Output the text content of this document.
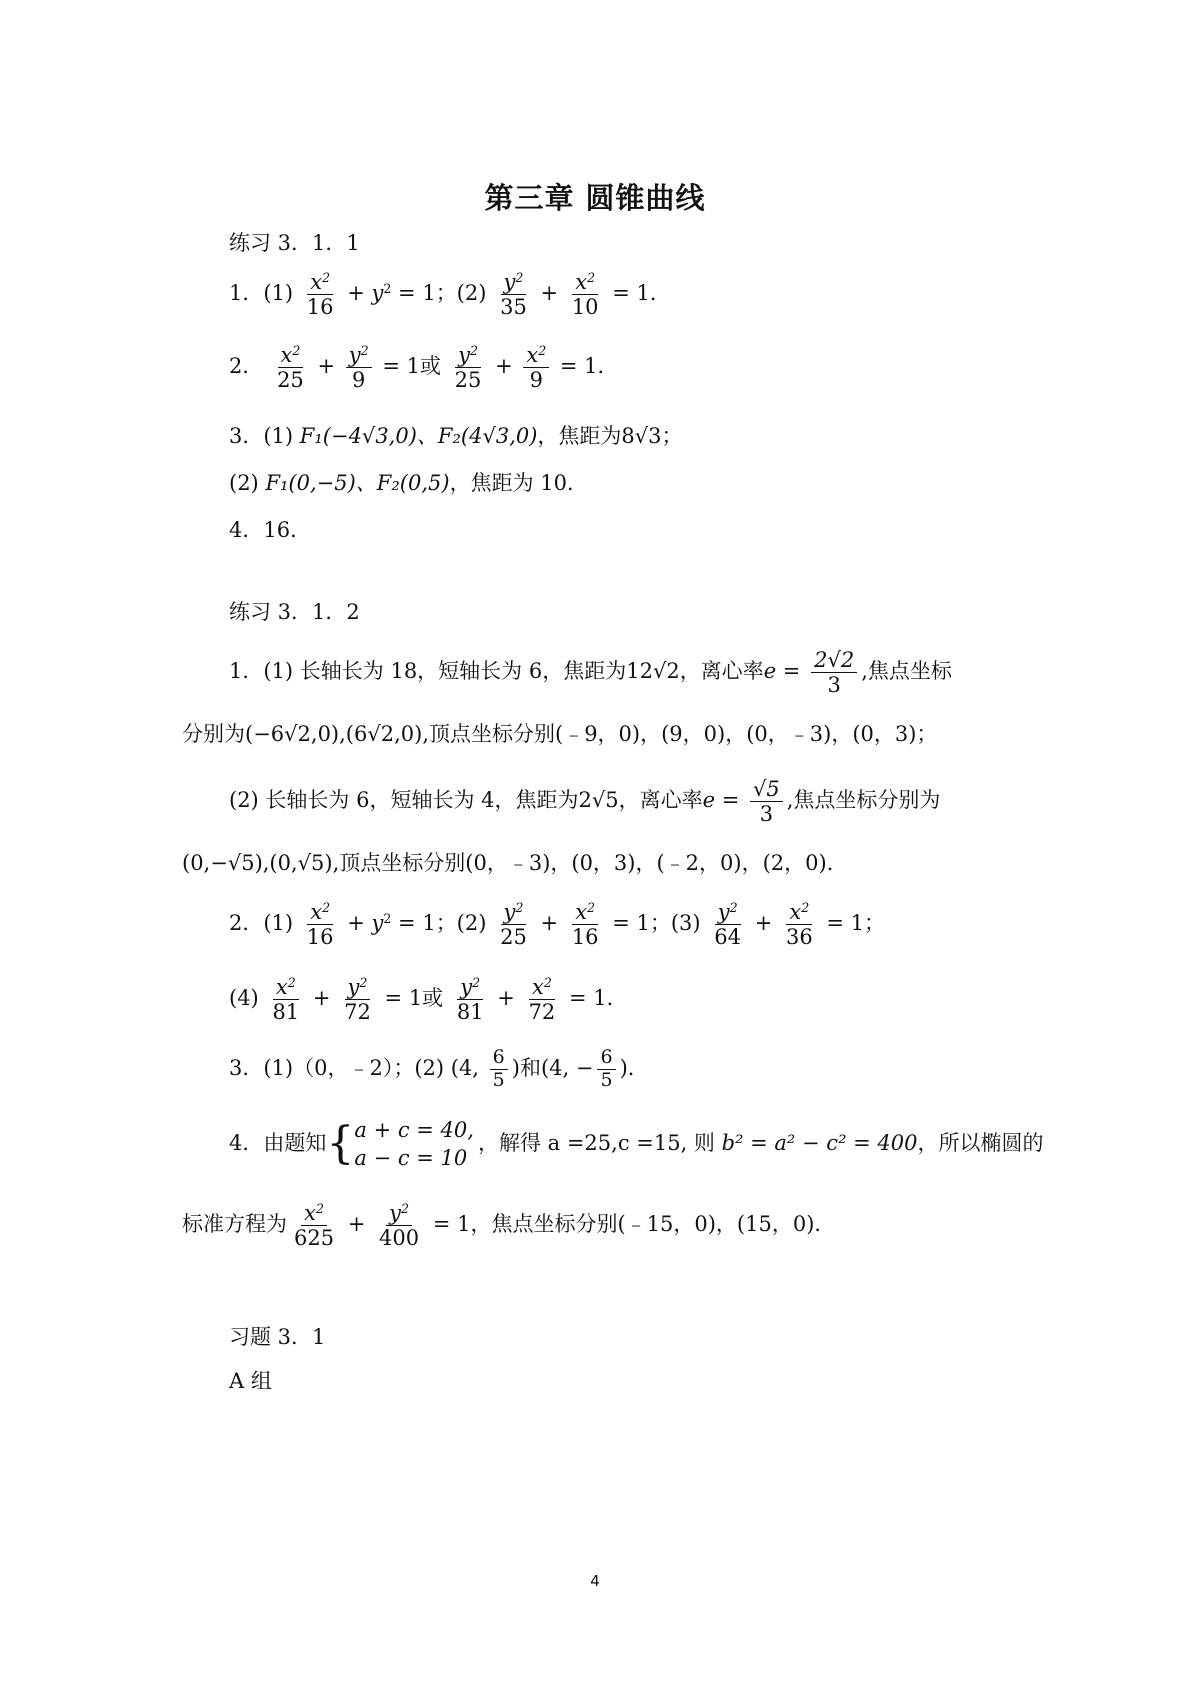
第三章 圆锥曲线
练习 3．1．1
1．$(1) \frac{x^2}{16} + y^2 = 1$；$(2) \frac{y^2}{35} + \frac{x^2}{10} = 1$．
2． $\frac{x^2}{25} + \frac{y^2}{9} = 1$或 $\frac{y^2}{25} + \frac{x^2}{9} = 1$．
3．(1) F₁(−4√3,0)、F₂(4√3,0)，焦距为8√3；
(2) F₁(0,−5)、F₂(0,5)，焦距为 10．
4．16．
练习 3．1．2
1．(1) 长轴长为 18，短轴长为 6，焦距为12√2，离心率$e = \frac{2√2}{3}$ ,焦点坐标
分别为(−6√2,0),(6√2,0),顶点坐标分别(﹣9，0)，(9，0)，(0，﹣3)，(0，3)；
(2) 长轴长为 6，短轴长为 4，焦距为2√5，离心率$e = \frac{√5}{3}$ ,焦点坐标分别为
(0,−√5),(0,√5),顶点坐标分别(0，﹣3)，(0，3)，(﹣2，0)，(2，0)．
2．$(1) \frac{x^2}{16} + y^2 = 1$；$(2) \frac{y^2}{25} + \frac{x^2}{16} = 1$；$(3) \frac{y^2}{64} + \frac{x^2}{36} = 1$；
$(4) \frac{x^2}{81} + \frac{y^2}{72} = 1$或 $\frac{y^2}{81} + \frac{x^2}{72} = 1$．
3．(1)（0，﹣2）；(2) (4, $\frac{6}{5}$ )和(4, − $\frac{6}{5}$ )．
4．由题知{ a + c = 40,
a − c = 10
，解得 a =25,c =15, 则 b² = a² − c² = 400，所以椭圆的
标准方程为 $\frac{x^2}{625} + \frac{y^2}{400} = 1$，焦点坐标分别(﹣15，0)，(15，0)．
习题 3．1
A 组
4
